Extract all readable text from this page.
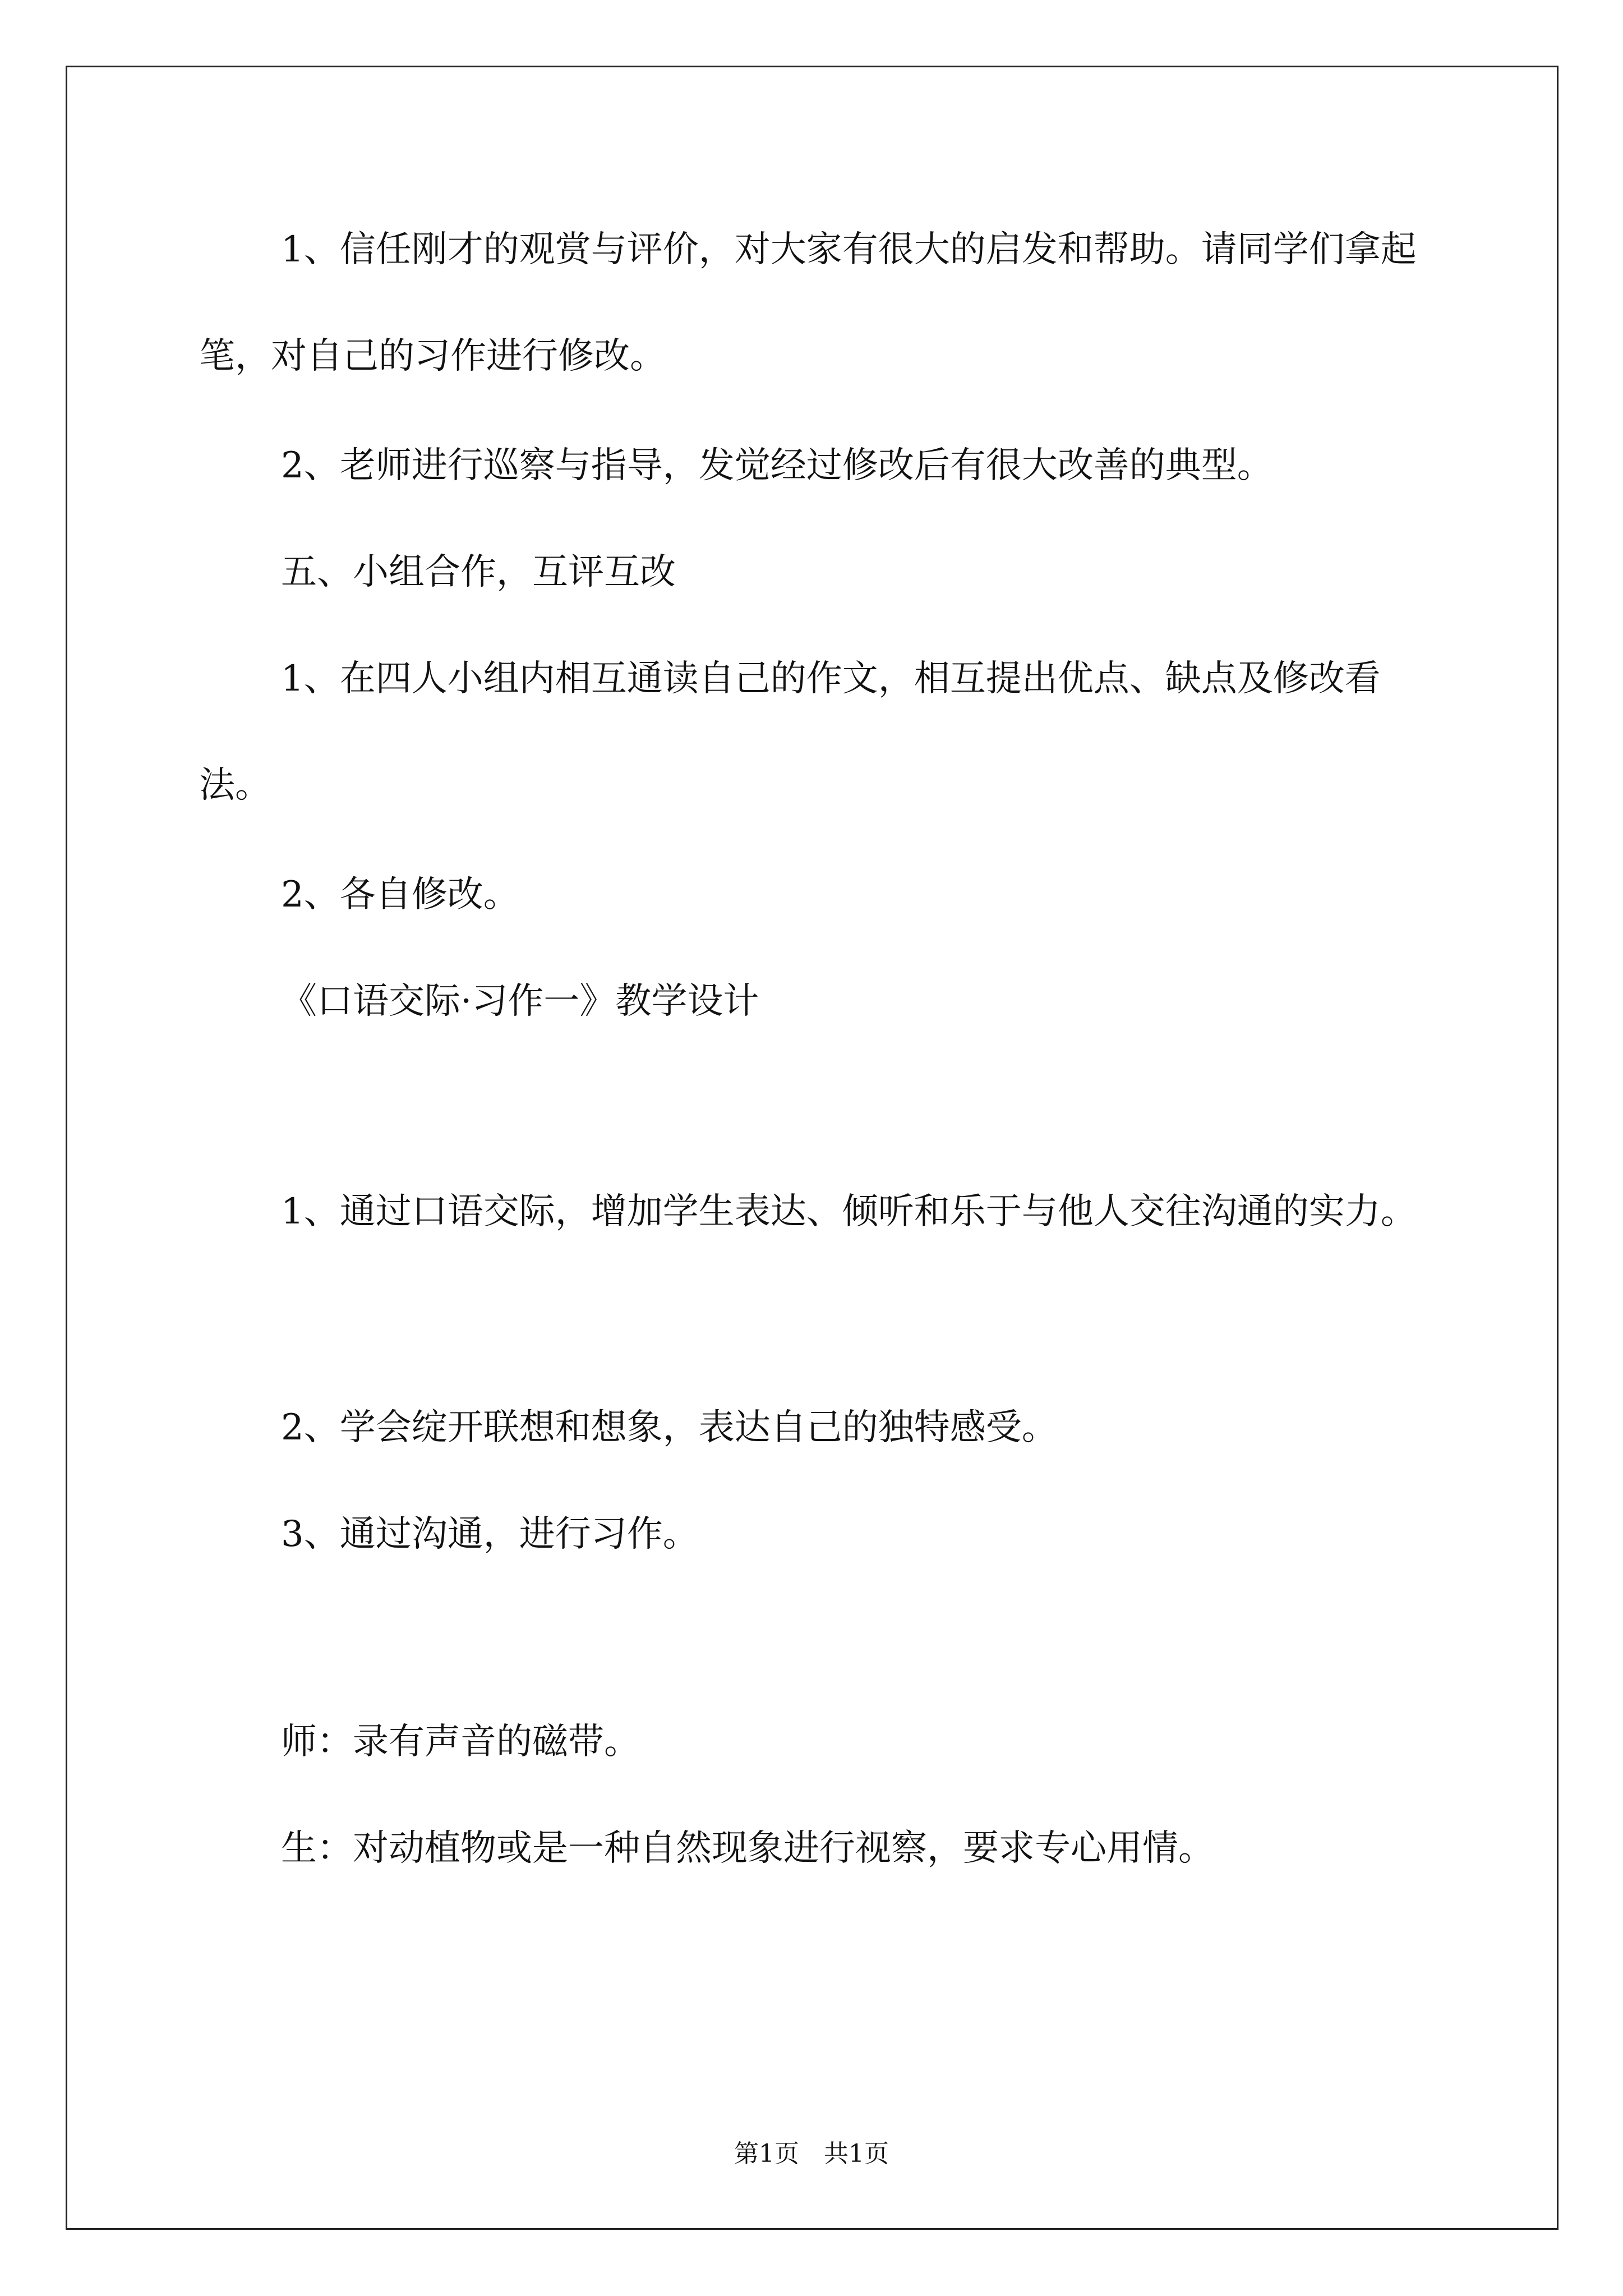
1、信任刚才的观赏与评价，对大家有很大的启发和帮助。请同学们拿起笔，对自己的习作进行修改。

2、老师进行巡察与指导，发觉经过修改后有很大改善的典型。

五、小组合作，互评互改

1、在四人小组内相互通读自己的作文，相互提出优点、缺点及修改看法。

2、各自修改。

《口语交际·习作一》教学设计

1、通过口语交际，增加学生表达、倾听和乐于与他人交往沟通的实力。

2、学会绽开联想和想象，表达自己的独特感受。

3、通过沟通，进行习作。

师：录有声音的磁带。

生：对动植物或是一种自然现象进行视察，要求专心用情。

第1页　共1页
